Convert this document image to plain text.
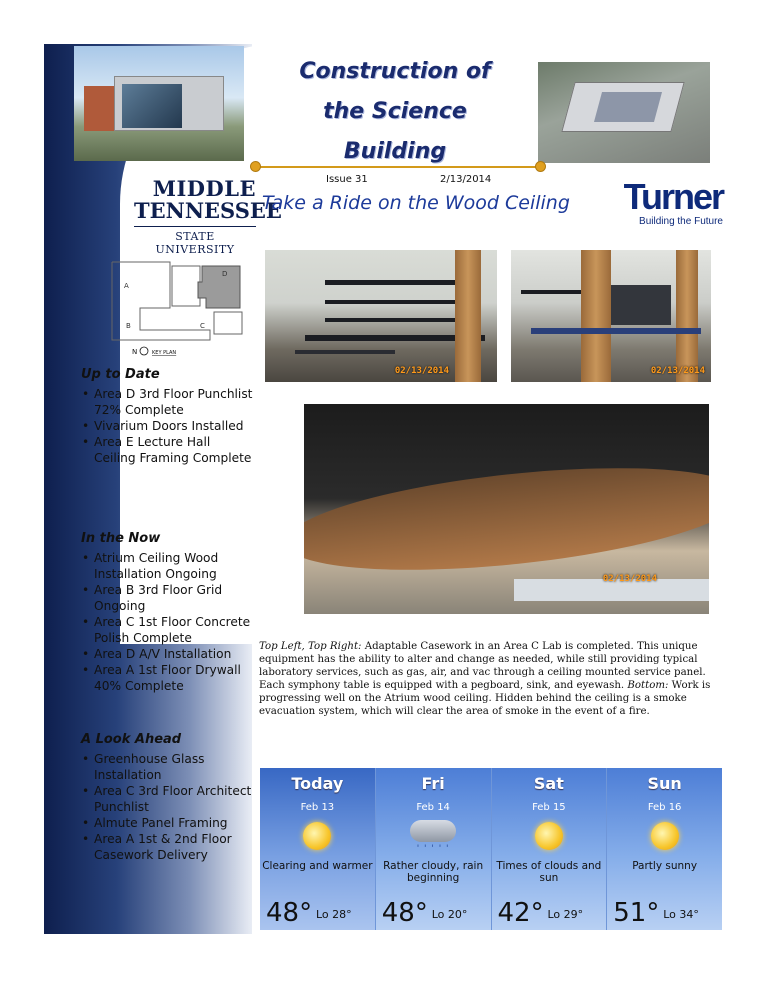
Construction of
the Science
Building
Issue 31	2/13/2014
MIDDLE
TENNESSEE
STATE UNIVERSITY
Take a Ride on the Wood Ceiling	Turner
Building the Future
A
B	C
D
N	KEY PLAN
02/13/2014	02/13/2014
02/13/2014
Up to Date
• Area D 3rd Floor Punchlist 72% Complete
• Vivarium Doors Installed
• Area E Lecture Hall Ceiling Framing Complete
In the Now
• Atrium Ceiling Wood Installation Ongoing
• Area B 3rd Floor Grid Ongoing
• Area C 1st Floor Concrete Polish Complete
• Area D A/V Installation
• Area A 1st Floor Drywall 40% Complete
A Look Ahead
• Greenhouse Glass Installation
• Area C 3rd Floor Architect Punchlist
• Almute Panel Framing
• Area A 1st & 2nd Floor Casework Delivery
Top Left, Top Right: Adaptable Casework in an Area C Lab is completed. This unique equipment has the ability to alter and change as needed, while still providing typical laboratory services, such as gas, air, and vac through a ceiling mounted service panel. Each symphony table is equipped with a pegboard, sink, and eyewash. Bottom: Work is progressing well on the Atrium wood ceiling. Hidden behind the ceiling is a smoke evacuation system, which will clear the area of smoke in the event of a fire.
Today
Feb 13
Clearing and warmer
48° Lo 28°
Fri
Feb 14
' ' ' ' '
Rather cloudy, rain beginning
48° Lo 20°
Sat
Feb 15
Times of clouds and sun
42° Lo 29°
Sun
Feb 16
Partly sunny
51° Lo 34°
